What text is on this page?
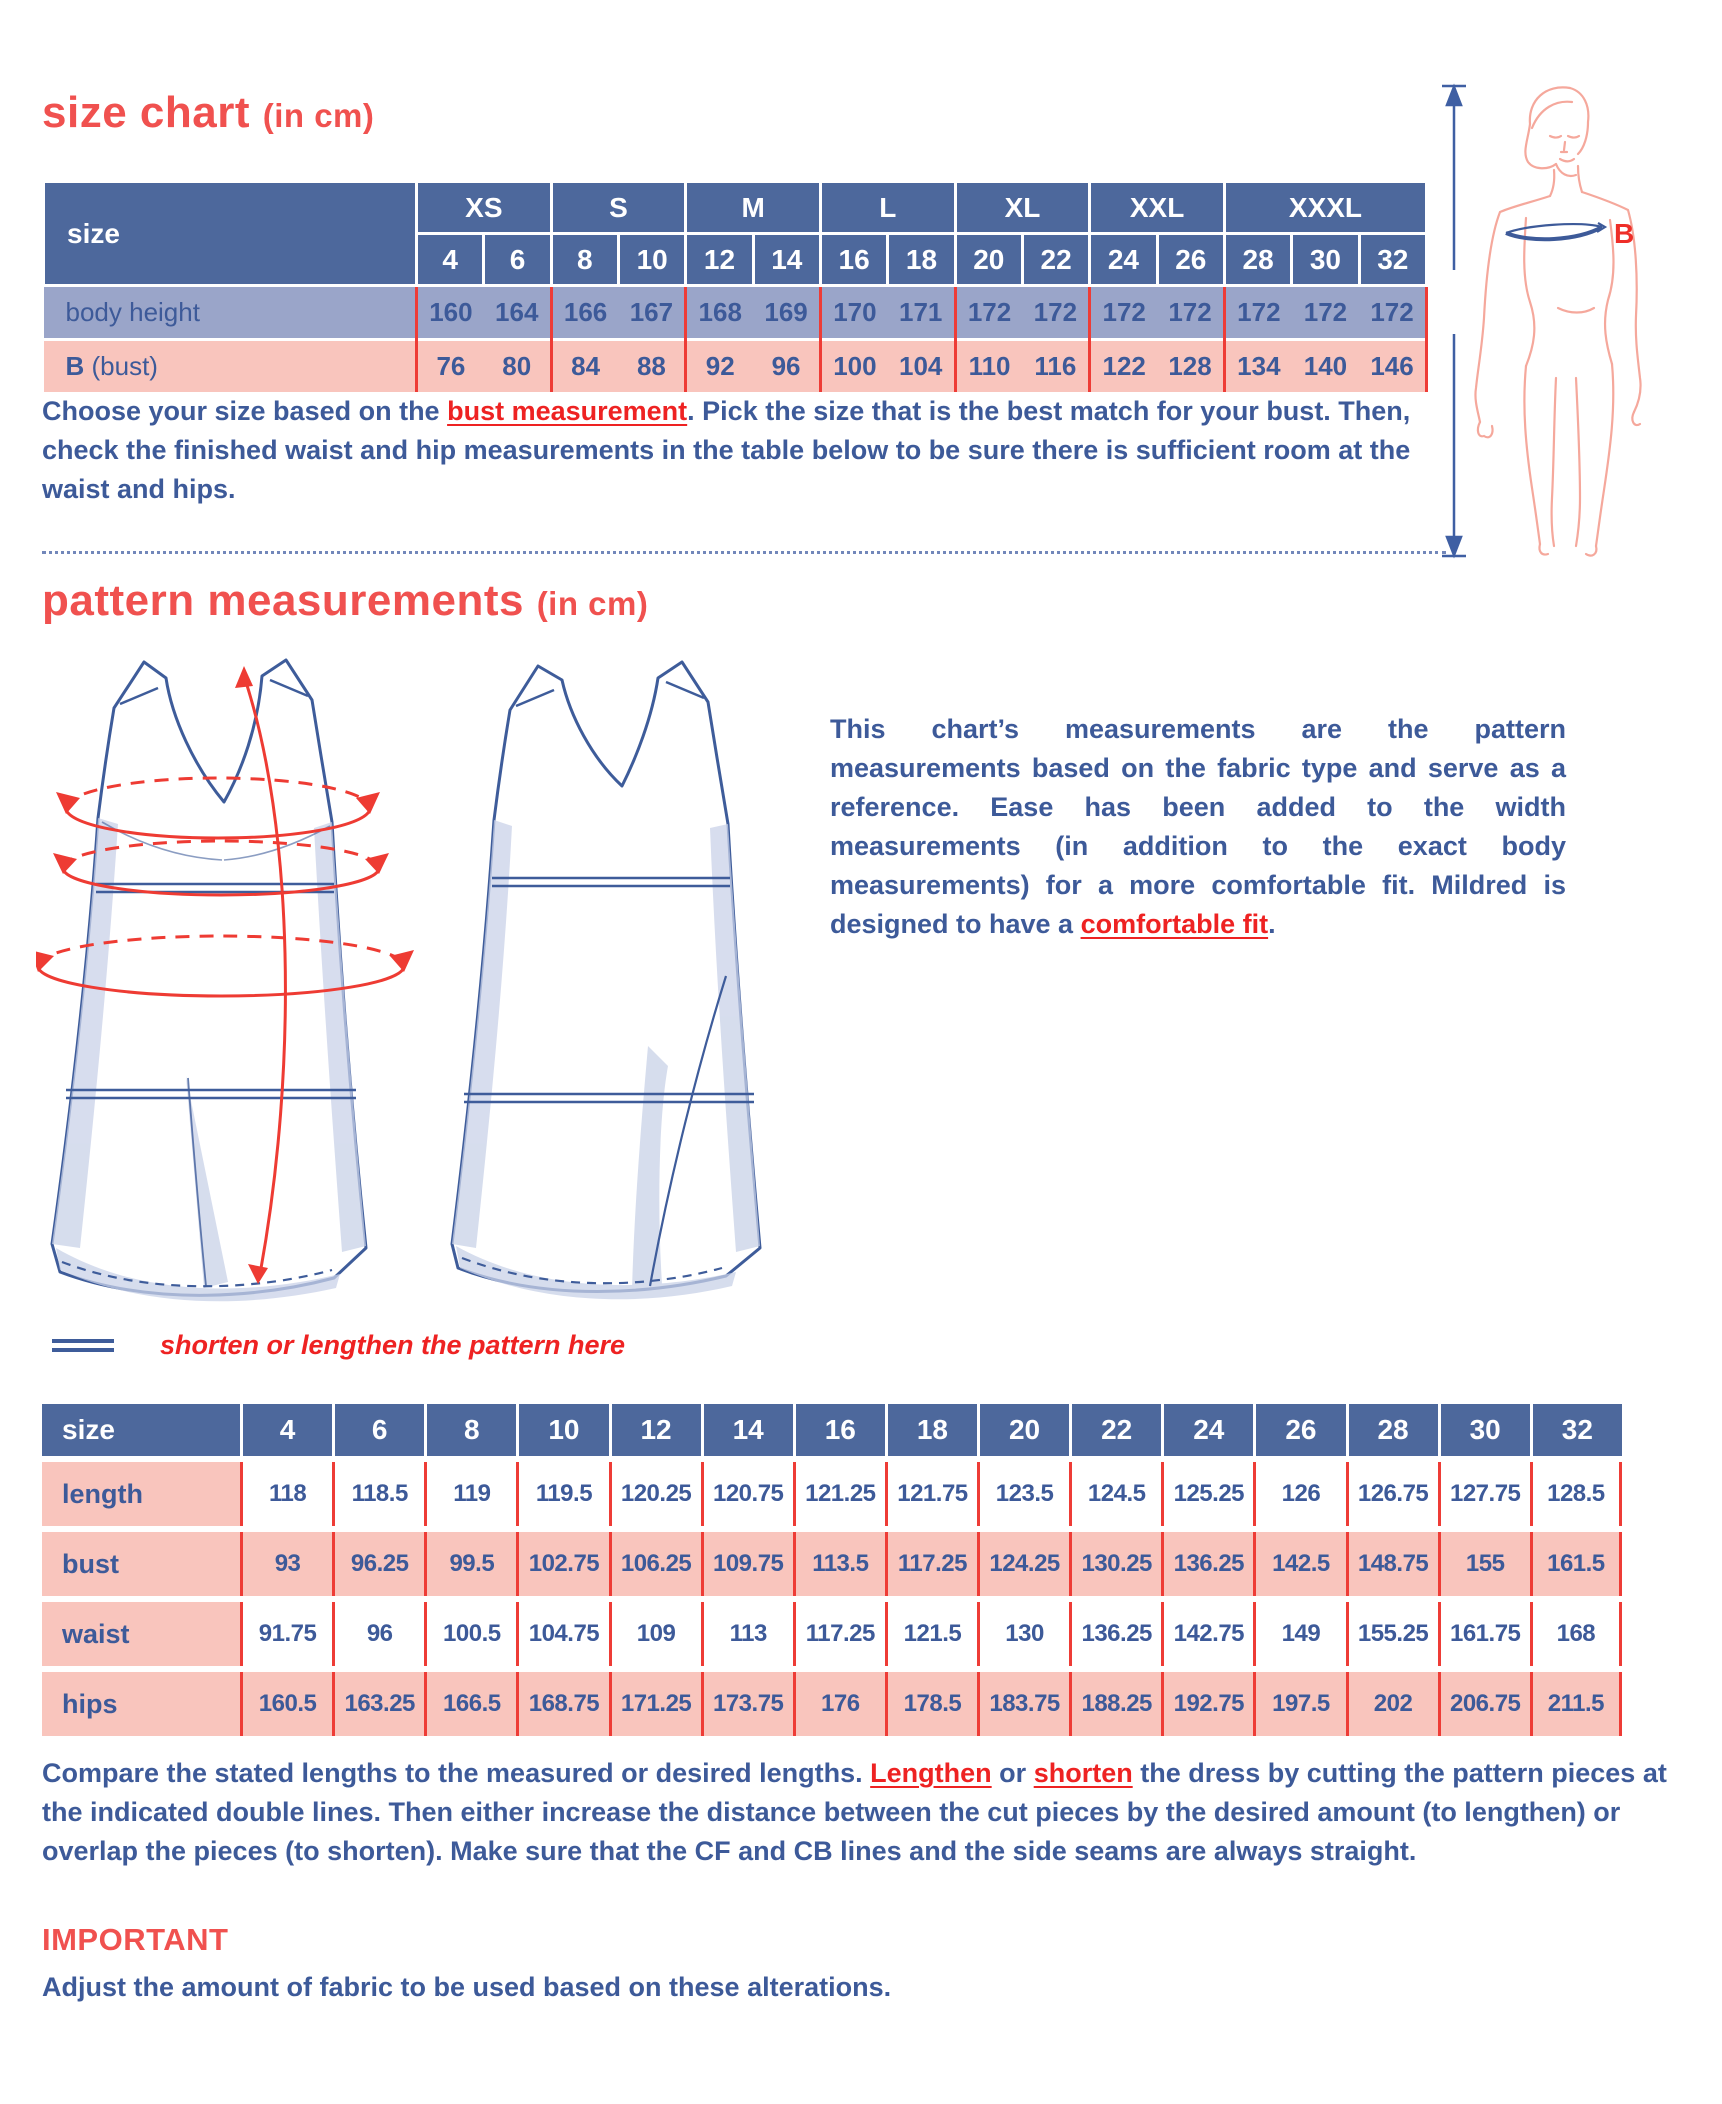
size chart (in cm)
size	XS		S		M		L		XL		XXL		XXXL		
	4	6	8	10	12	14	16	18	20	22	24	26	28	30	32
body height	160	164	166	167	168	169	170	171	172	172	172	172	172	172	172
B (bust)	76	80	84	88	92	96	100	104	110	116	122	128	134	140	146
B

Choose your size based on the bust measurement. Pick the size that is the best match for your bust. Then, check the finished waist and hip measurements in the table below to be sure there is sufficient room at the waist and hips.

pattern measurements (in cm)

This chart’s measurements are the pattern measurements based on the fabric type and serve as a reference. Ease has been added to the width measurements (in addition to the exact body measurements) for a more comfortable fit. Mildred is designed to have a comfortable fit.

shorten or lengthen the pattern here
size	4	6	8	10	12	14	16	18	20	22	24	26	28	30	32
length	118	118.5	119	119.5	120.25	120.75	121.25	121.75	123.5	124.5	125.25	126	126.75	127.75	128.5
bust	93	96.25	99.5	102.75	106.25	109.75	113.5	117.25	124.25	130.25	136.25	142.5	148.75	155	161.5
waist	91.75	96	100.5	104.75	109	113	117.25	121.5	130	136.25	142.75	149	155.25	161.75	168
hips	160.5	163.25	166.5	168.75	171.25	173.75	176	178.5	183.75	188.25	192.75	197.5	202	206.75	211.5

Compare the stated lengths to the measured or desired lengths. Lengthen or shorten the dress by cutting the pattern pieces at the indicated double lines. Then either increase the distance between the cut pieces by the desired amount (to lengthen) or overlap the pieces (to shorten). Make sure that the CF and CB lines and the side seams are always straight.

IMPORTANT

Adjust the amount of fabric to be used based on these alterations.
